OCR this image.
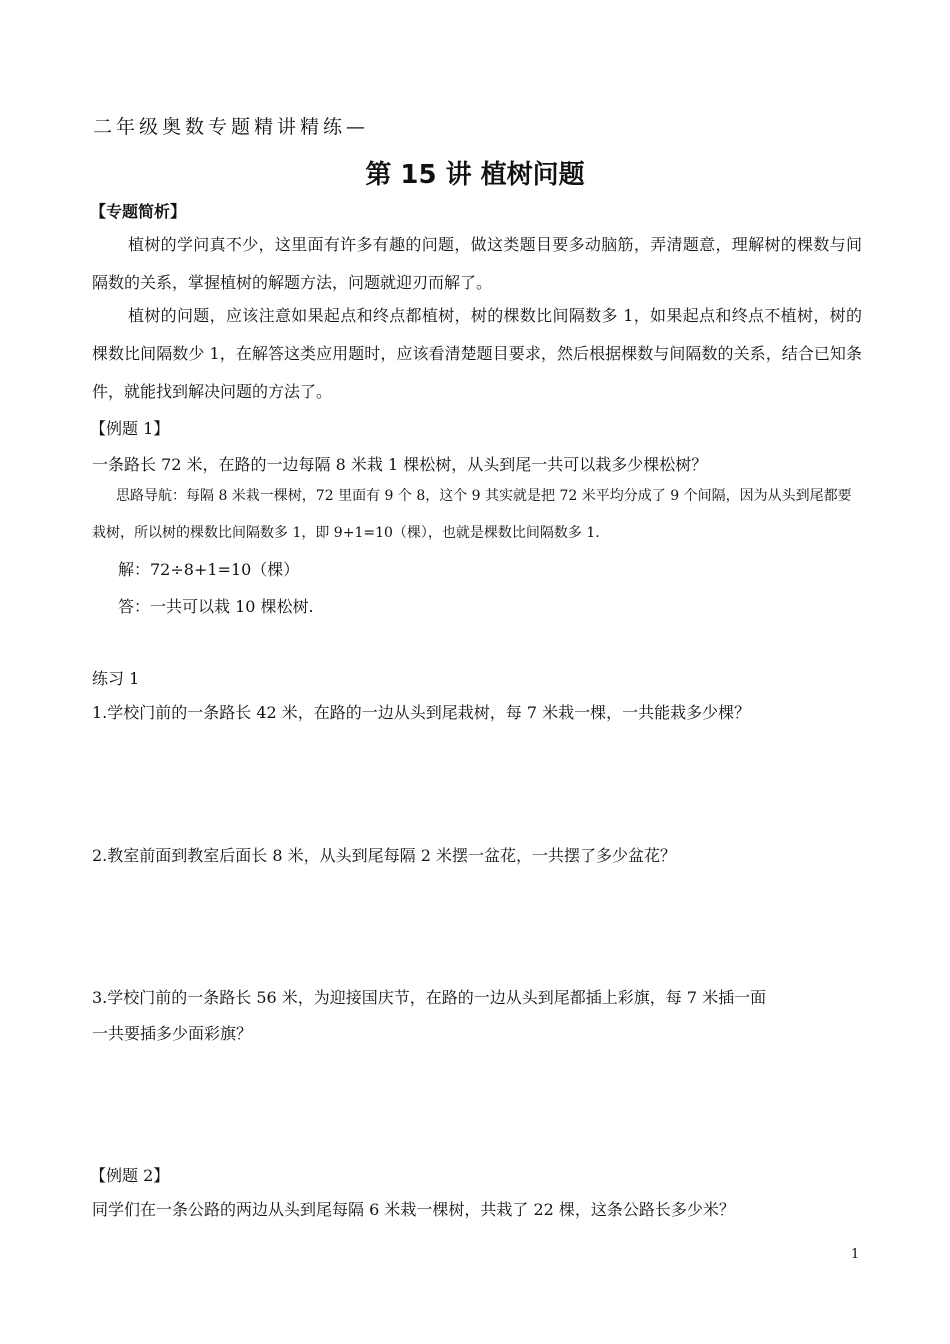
二年级奥数专题精讲精练—
第 15 讲 植树问题
【专题简析】
植树的学问真不少，这里面有许多有趣的问题，做这类题目要多动脑筋，弄清题意，理解树的棵数与间隔数的关系，掌握植树的解题方法，问题就迎刃而解了。
植树的问题，应该注意如果起点和终点都植树，树的棵数比间隔数多 1，如果起点和终点不植树，树的棵数比间隔数少 1，在解答这类应用题时，应该看清楚题目要求，然后根据棵数与间隔数的关系，结合已知条件，就能找到解决问题的方法了。
【例题 1】
一条路长 72 米，在路的一边每隔 8 米栽 1 棵松树，从头到尾一共可以栽多少棵松树？
思路导航：每隔 8 米栽一棵树，72 里面有 9 个 8，这个 9 其实就是把 72 米平均分成了 9 个间隔，因为从头到尾都要栽树，所以树的棵数比间隔数多 1，即 9+1=10（棵），也就是棵数比间隔数多 1.
解：72÷8+1=10（棵）
答：一共可以栽 10 棵松树.
练习 1
1.学校门前的一条路长 42 米，在路的一边从头到尾栽树，每 7 米栽一棵，一共能栽多少棵？
2.教室前面到教室后面长 8 米，从头到尾每隔 2 米摆一盆花，一共摆了多少盆花？
3.学校门前的一条路长 56 米，为迎接国庆节，在路的一边从头到尾都插上彩旗，每 7 米插一面
一共要插多少面彩旗？
【例题 2】
同学们在一条公路的两边从头到尾每隔 6 米栽一棵树，共栽了 22 棵，这条公路长多少米？
1
